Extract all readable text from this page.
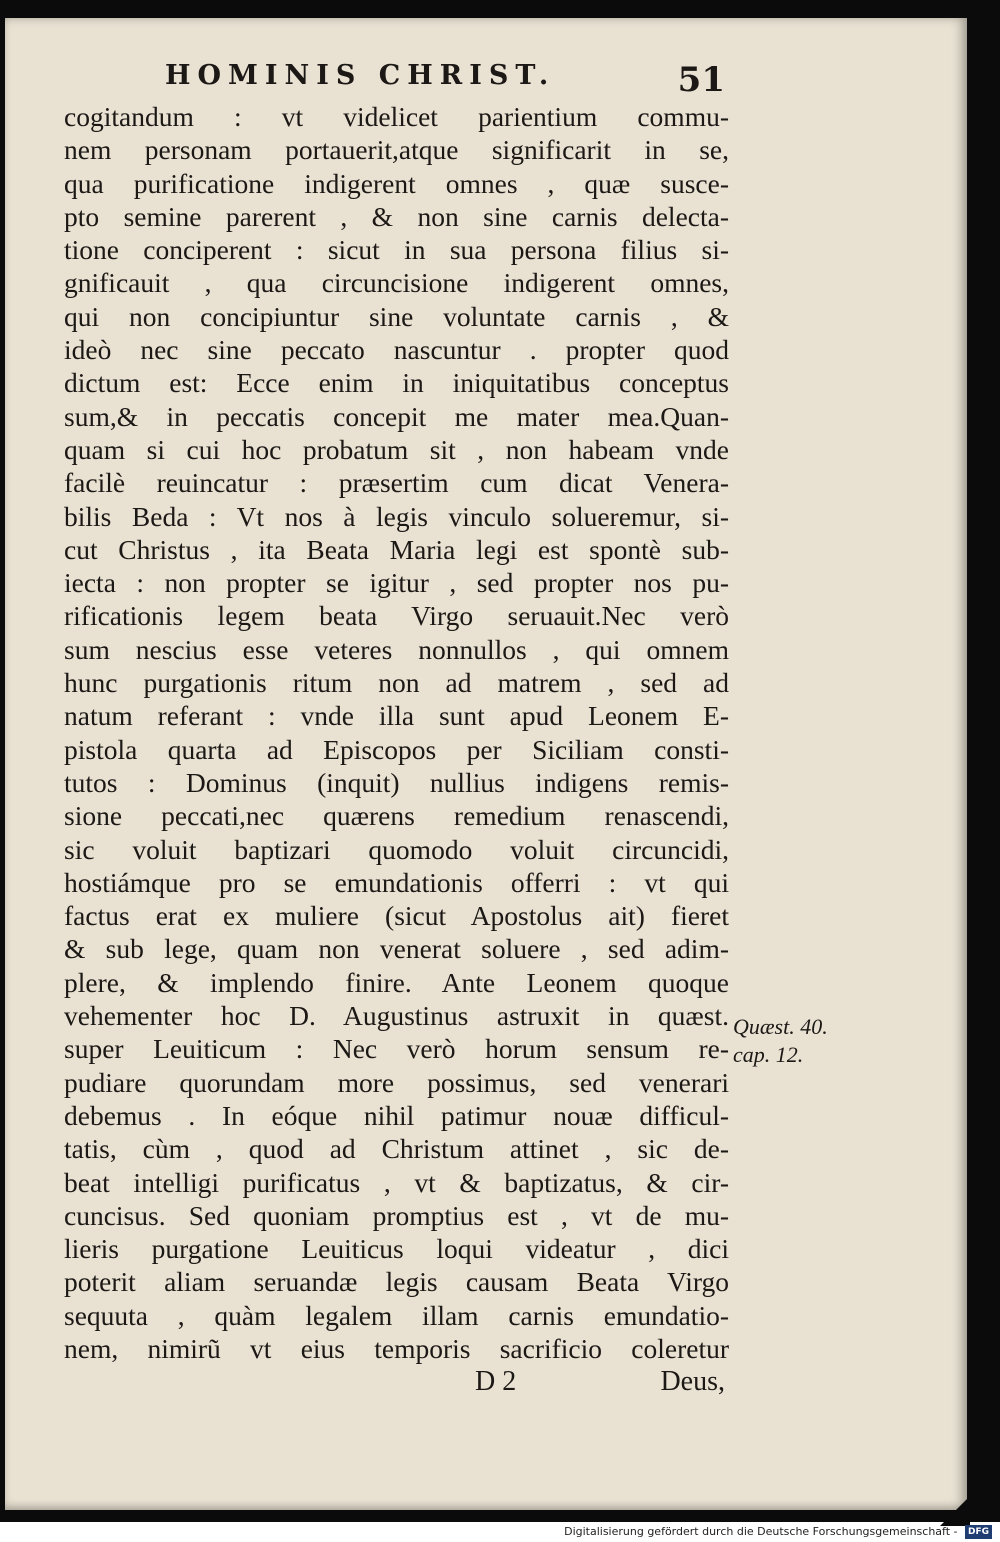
HOMINIS CHRIST.	51
cogitandum : vt videlicet parientium commu-
nem personam portauerit,atque significarit in se,
qua purificatione indigerent omnes , quæ susce-
pto semine parerent , & non sine carnis delecta-
tione conciperent : sicut in sua persona filius si-
gnificauit , qua circuncisione indigerent omnes,
qui non concipiuntur sine voluntate carnis , &
ideò nec sine peccato nascuntur . propter quod
dictum est: Ecce enim in iniquitatibus conceptus
sum,& in peccatis concepit me mater mea.Quan-
quam si cui hoc probatum sit , non habeam vnde
facilè reuincatur : præsertim cum dicat Venera-
bilis Beda : Vt nos à legis vinculo solueremur, si-
cut Christus , ita Beata Maria legi est spontè sub-
iecta : non propter se igitur , sed propter nos pu-
rificationis legem beata Virgo seruauit.Nec verò
sum nescius esse veteres nonnullos , qui omnem
hunc purgationis ritum non ad matrem , sed ad
natum referant : vnde illa sunt apud Leonem E-
pistola quarta ad Episcopos per Siciliam consti-
tutos : Dominus (inquit) nullius indigens remis-
sione peccati,nec quærens remedium renascendi,
sic voluit baptizari quomodo voluit circuncidi,
hostiámque pro se emundationis offerri : vt qui
factus erat ex muliere (sicut Apostolus ait) fieret
& sub lege, quam non venerat soluere , sed adim-
plere, & implendo finire. Ante Leonem quoque
vehementer hoc D. Augustinus astruxit in quæst.
super Leuiticum : Nec verò horum sensum re-
pudiare quorundam more possimus, sed venerari
debemus . In eóque nihil patimur nouæ difficul-
tatis, cùm , quod ad Christum attinet , sic de-
beat intelligi purificatus , vt & baptizatus, & cir-
cuncisus. Sed quoniam promptius est , vt de mu-
lieris purgatione Leuiticus loqui videatur , dici
poterit aliam seruandæ legis causam Beata Virgo
sequuta , quàm legalem illam carnis emundatio-
nem, nimirũ vt eius temporis sacrificio coleretur
Quæst. 40.
cap. 12.
D 2	Deus,
Digitalisierung gefördert durch die Deutsche Forschungsgemeinschaft - DFG
